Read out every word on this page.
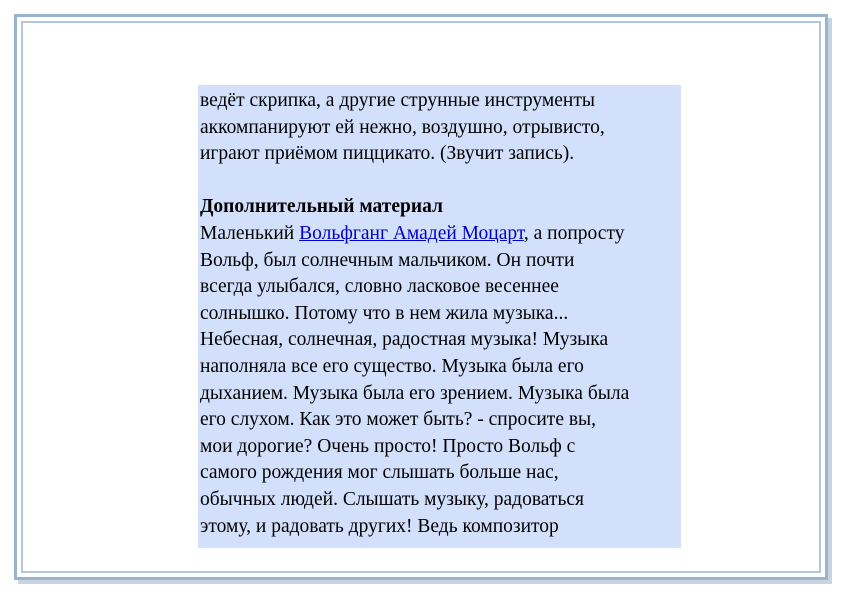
ведёт скрипка, а другие струнные инструменты

аккомпанируют ей нежно, воздушно, отрывисто,

играют приёмом пиццикато. (Звучит запись).

Дополнительный материал

Маленький Вольфганг Амадей Моцарт, а попросту

Вольф, был солнечным мальчиком. Он почти

всегда улыбался, словно ласковое весеннее

солнышко. Потому что в нем жила музыка...

Небесная, солнечная, радостная музыка! Музыка

наполняла все его существо. Музыка была его

дыханием. Музыка была его зрением. Музыка была

его слухом. Как это может быть? - спросите вы,

мои дорогие? Очень просто! Просто Вольф с

самого рождения мог слышать больше нас,

обычных людей. Слышать музыку, радоваться

этому, и радовать других! Ведь композитор
